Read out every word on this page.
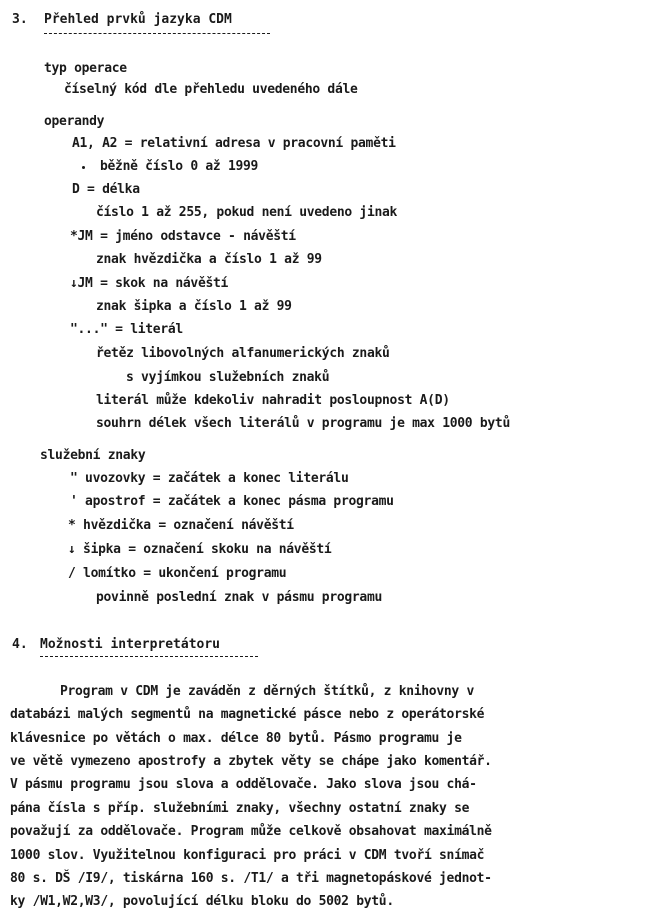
3. Přehled prvků jazyka CDM
typ operace
číselný kód dle přehledu uvedeného dále
operandy
A1, A2 = relativní adresa v pracovní paměti
běžně číslo 0 až 1999
D = délka
číslo 1 až 255, pokud není uvedeno jinak
*JM = jméno odstavce - návěští
znak hvězdička a číslo 1 až 99
↓JM = skok na návěští
znak šipka a číslo 1 až 99
"..." = literál
řetěz libovolných alfanumerických znaků
s vyjímkou služebních znaků
literál může kdekoliv nahradit posloupnost A(D)
souhrn délek všech literálů v programu je max 1000 bytů
služební znaky
" uvozovky = začátek a konec literálu
' apostrof = začátek a konec pásma programu
* hvězdička = označení návěští
↓ šipka = označení skoku na návěští
/ lomítko = ukončení programu
povinně poslední znak v pásmu programu
4. Možnosti interpretátoru
Program v CDM je zaváděn z děrných štítků, z knihovny v
databázi malých segmentů na magnetické pásce nebo z operátorské
klávesnice po větách o max. délce 80 bytů. Pásmo programu je
ve větě vymezeno apostrofy a zbytek věty se chápe jako komentář.
V pásmu programu jsou slova a oddělovače. Jako slova jsou chá-
pána čísla s příp. služebními znaky, všechny ostatní znaky se
považují za oddělovače. Program může celkově obsahovat maximálně
1000 slov. Využitelnou konfiguraci pro práci v CDM tvoří snímač
80 s. DŠ /I9/, tiskárna 160 s. /T1/ a tři magnetopáskové jednot-
ky /W1,W2,W3/, povolující délku bloku do 5002 bytů.
